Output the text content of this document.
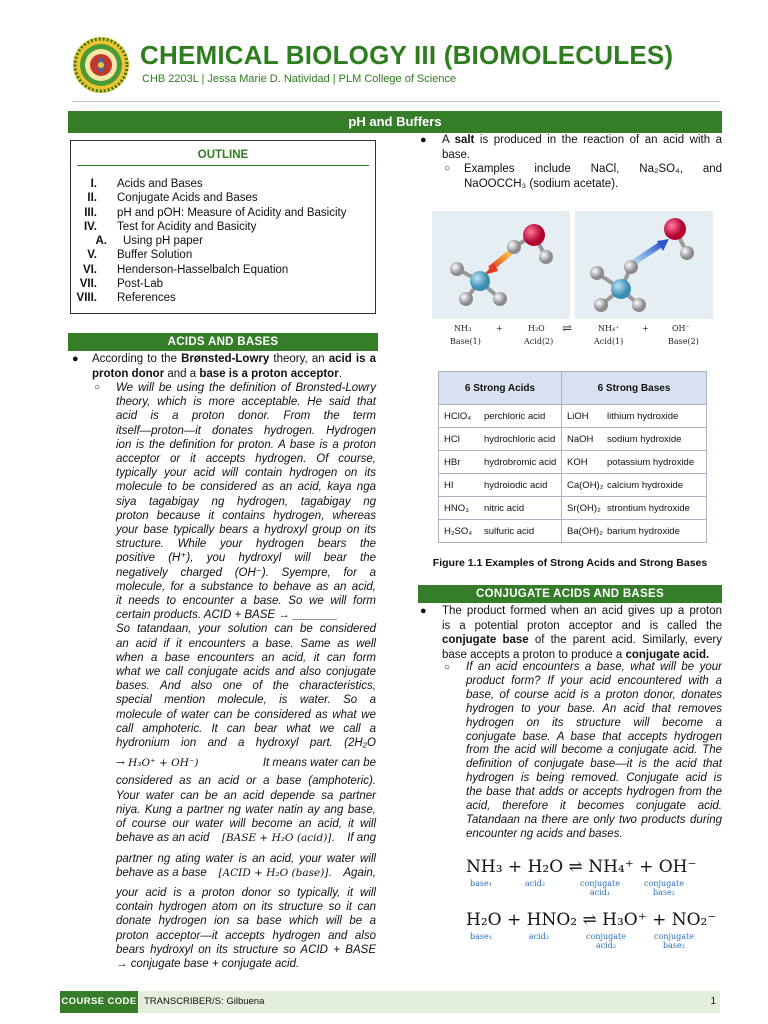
CHEMICAL BIOLOGY III (BIOMOLECULES)
CHB 2203L | Jessa Marie D. Natividad | PLM College of Science
pH and Buffers
OUTLINE
I. Acids and Bases
II. Conjugate Acids and Bases
III. pH and pOH: Measure of Acidity and Basicity
IV. Test for Acidity and Basicity
A. Using pH paper
V. Buffer Solution
VI. Henderson-Hasselbalch Equation
VII. Post-Lab
VIII. References
ACIDS AND BASES
● According to the Brønsted-Lowry theory, an acid is a proton donor and a base is a proton acceptor.
○ We will be using the definition of Bronsted-Lowry
theory, which is more acceptable. He said that
acid is a proton donor. From the term
itself—proton—it donates hydrogen. Hydrogen
ion is the definition for proton. A base is a proton
acceptor or it accepts hydrogen. Of course,
typically your acid will contain hydrogen on its
molecule to be considered as an acid, kaya nga
siya tagabigay ng hydrogen, tagabigay ng
proton because it contains hydrogen, whereas
your base typically bears a hydroxyl group on its
structure. While your hydrogen bears the
positive (H⁺), you hydroxyl will bear the
negatively charged (OH⁻). Syempre, for a
molecule, for a substance to behave as an acid,
it needs to encounter a base. So we will form
certain products. ACID + BASE → _______
So tatandaan, your solution can be considered
an acid if it encounters a base. Same as well
when a base encounters an acid, it can form
what we call conjugate acids and also conjugate
bases. And also one of the characteristics,
special mention molecule, is water. So a
molecule of water can be considered as what we
call amphoteric. It can bear what we call a
hydronium ion and a hydroxyl part. (2H₂O
→ H₃O⁺ + OH⁻)	It means water can be
considered as an acid or a base (amphoteric).
Your water can be an acid depende sa partner
niya. Kung a partner ng water natin ay ang base,
of course our water will become an acid, it will
behave as an acid [BASE + H₂O (acid)]. If ang
partner ng ating water is an acid, your water will
behave as a base [ACID + H₂O (base)]. Again,
your acid is a proton donor so typically, it will
contain hydrogen atom on its structure so it can
donate hydrogen ion sa base which will be a
proton acceptor—it accepts hydrogen and also
bears hydroxyl on its structure so ACID + BASE
→ conjugate base + conjugate acid.
● A salt is produced in the reaction of an acid with a
base.
○ Examples include NaCl, Na₂SO₄, and
NaOOCCH₃ (sodium acetate).
NH₃	+	H₂O ⇌	NH₄⁺	+	OH⁻
Base(1)	Acid(2)	Acid(1)	Base(2)
6 Strong Acids	6 Strong Bases
HClO₄ perchloric acid	LiOH lithium hydroxide
HCl hydrochloric acid	NaOH sodium hydroxide
HBr hydrobromic acid	KOH potassium hydroxide
HI hydroiodic acid	Ca(OH)₂ calcium hydroxide
HNO₃ nitric acid	Sr(OH)₂ strontium hydroxide
H₂SO₄ sulfuric acid	Ba(OH)₂ barium hydroxide
Figure 1.1 Examples of Strong Acids and Strong Bases
CONJUGATE ACIDS AND BASES
● The product formed when an acid gives up a proton
is a potential proton acceptor and is called the
conjugate base of the parent acid. Similarly, every
base accepts a proton to produce a conjugate acid.
○ If an acid encounters a base, what will be your
product form? If your acid encountered with a
base, of course acid is a proton donor, donates
hydrogen to your base. An acid that removes
hydrogen on its structure will become a
conjugate base. A base that accepts hydrogen
from the acid will become a conjugate acid. The
definition of conjugate base—it is the acid that
hydrogen is being removed. Conjugate acid is
the base that adds or accepts hydrogen from the
acid, therefore it becomes conjugate acid.
Tatandaan na there are only two products during
encounter ng acids and bases.
NH₃ + H₂O ⇌ NH₄⁺ + OH⁻
base₁	acid₂	conjugate acid₁
conjugate base₂
H₂O + HNO₂ ⇌ H₃O⁺ + NO₂⁻
base₁	acid₂	conjugate acid₂
conjugate base₂
COURSE CODE TRANSCRIBER/S: Gilbuena	1
